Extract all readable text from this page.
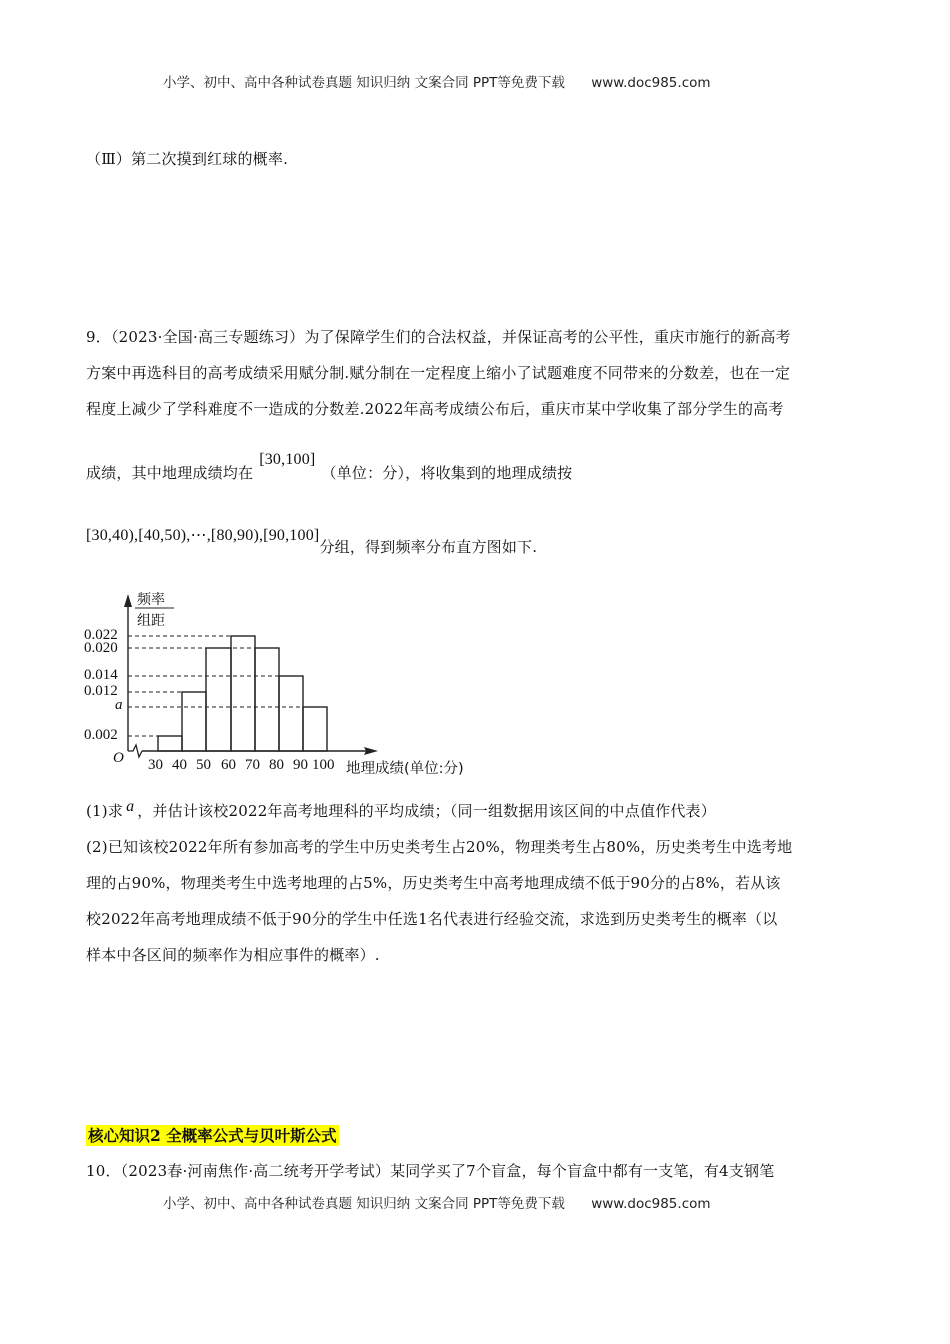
小学、初中、高中各种试卷真题 知识归纳 文案合同 PPT等免费下载 www.doc985.com
（Ⅲ）第二次摸到红球的概率.
9．（2023·全国·高三专题练习）为了保障学生们的合法权益，并保证高考的公平性，重庆市施行的新高考
方案中再选科目的高考成绩采用赋分制.赋分制在一定程度上缩小了试题难度不同带来的分数差，也在一定
程度上减少了学科难度不一造成的分数差.2022年高考成绩公布后，重庆市某中学收集了部分学生的高考
成绩，其中地理成绩均在[30,100]（单位：分），将收集到的地理成绩按
[30,40),[40,50),⋯,[80,90),[90,100]分组，得到频率分布直方图如下.
频率
组距
0.022
0.020
0.014
0.012
a
0.002
O 30 40 50 60 70 80 90 100 地理成绩(单位:分)
(1)求 a ，并估计该校2022年高考地理科的平均成绩；（同一组数据用该区间的中点值作代表）
(2)已知该校2022年所有参加高考的学生中历史类考生占20%，物理类考生占80%，历史类考生中选考地
理的占90%，物理类考生中选考地理的占5%，历史类考生中高考地理成绩不低于90分的占8%，若从该
校2022年高考地理成绩不低于90分的学生中任选1名代表进行经验交流，求选到历史类考生的概率（以
样本中各区间的频率作为相应事件的概率）.
核心知识2 全概率公式与贝叶斯公式
10．（2023春·河南焦作·高二统考开学考试）某同学买了7个盲盒，每个盲盒中都有一支笔，有4支钢笔
小学、初中、高中各种试卷真题 知识归纳 文案合同 PPT等免费下载 www.doc985.com
